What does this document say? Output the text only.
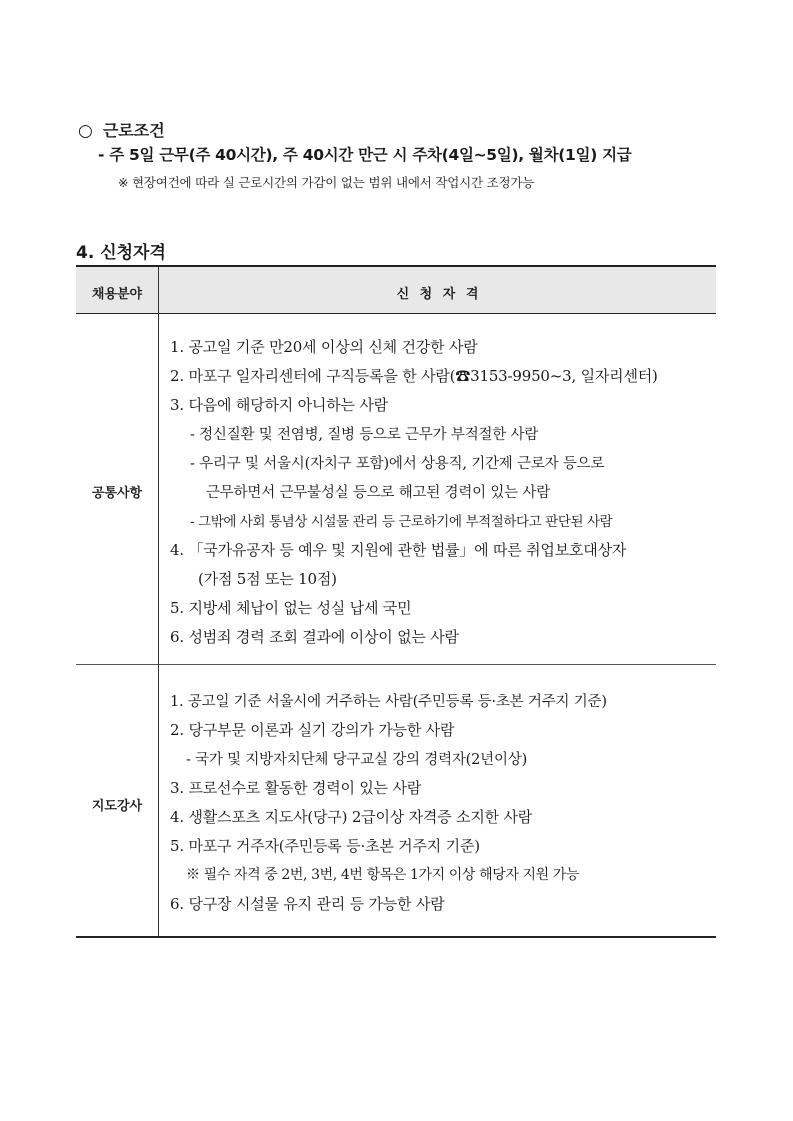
○ 근로조건
- 주 5일 근무(주 40시간), 주 40시간 만근 시 주차(4일~5일), 월차(1일) 지급
※ 현장여건에 따라 실 근로시간의 가감이 없는 범위 내에서 작업시간 조정가능
4. 신청자격
채용분야	신 청 자 격
공통사항
1. 공고일 기준 만20세 이상의 신체 건강한 사람
2. 마포구 일자리센터에 구직등록을 한 사람(☎3153-9950~3, 일자리센터)
3. 다음에 해당하지 아니하는 사람
- 정신질환 및 전염병, 질병 등으로 근무가 부적절한 사람
- 우리구 및 서울시(자치구 포함)에서 상용직, 기간제 근로자 등으로
근무하면서 근무불성실 등으로 해고된 경력이 있는 사람
- 그밖에 사회 통념상 시설물 관리 등 근로하기에 부적절하다고 판단된 사람
4. 「국가유공자 등 예우 및 지원에 관한 법률」에 따른 취업보호대상자
(가점 5점 또는 10점)
5. 지방세 체납이 없는 성실 납세 국민
6. 성범죄 경력 조회 결과에 이상이 없는 사람
지도강사
1. 공고일 기준 서울시에 거주하는 사람(주민등록 등·초본 거주지 기준)
2. 당구부문 이론과 실기 강의가 가능한 사람
- 국가 및 지방자치단체 당구교실 강의 경력자(2년이상)
3. 프로선수로 활동한 경력이 있는 사람
4. 생활스포츠 지도사(당구) 2급이상 자격증 소지한 사람
5. 마포구 거주자(주민등록 등·초본 거주지 기준)
※ 필수 자격 중 2번, 3번, 4번 항목은 1가지 이상 해당자 지원 가능
6. 당구장 시설물 유지 관리 등 가능한 사람
